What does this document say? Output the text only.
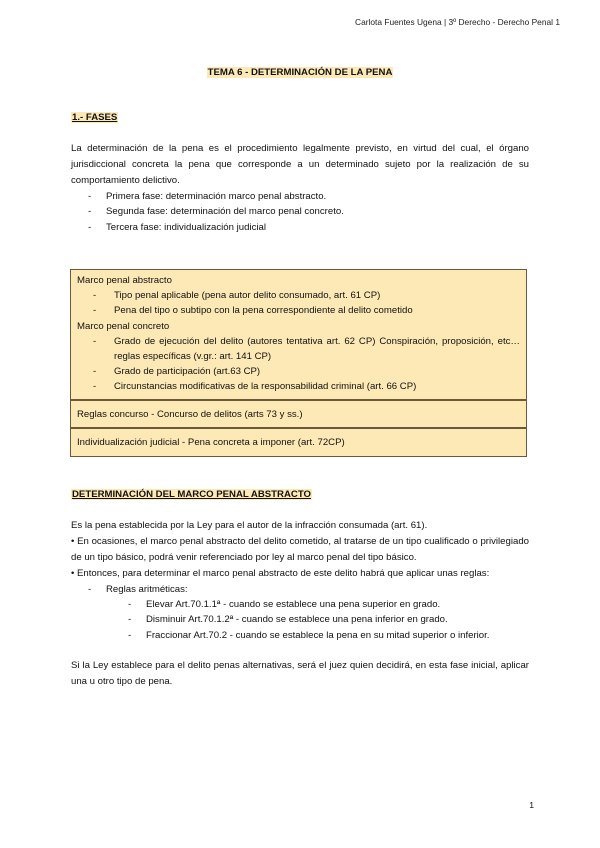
Carlota Fuentes Ugena | 3º Derecho - Derecho Penal 1
TEMA 6 - DETERMINACIÓN DE LA PENA
1.- FASES
La determinación de la pena es el procedimiento legalmente previsto, en virtud del cual, el órgano jurisdiccional concreta la pena que corresponde a un determinado sujeto por la realización de su comportamiento delictivo.
- Primera fase: determinación marco penal abstracto.
- Segunda fase: determinación del marco penal concreto.
- Tercera fase: individualización judicial
Marco penal abstracto
- Tipo penal aplicable (pena autor delito consumado, art. 61 CP)
- Pena del tipo o subtipo con la pena correspondiente al delito cometido
Marco penal concreto
- Grado de ejecución del delito (autores tentativa art. 62 CP) Conspiración, proposición, etc… reglas específicas (v.gr.: art. 141 CP)
- Grado de participación (art.63 CP)
- Circunstancias modificativas de la responsabilidad criminal (art. 66 CP)
Reglas concurso - Concurso de delitos (arts 73 y ss.)
Individualización judicial - Pena concreta a imponer (art. 72CP)
DETERMINACIÓN DEL MARCO PENAL ABSTRACTO
Es la pena establecida por la Ley para el autor de la infracción consumada (art. 61).
• En ocasiones, el marco penal abstracto del delito cometido, al tratarse de un tipo cualificado o privilegiado de un tipo básico, podrá venir referenciado por ley al marco penal del tipo básico.
• Entonces, para determinar el marco penal abstracto de este delito habrá que aplicar unas reglas:
- Reglas aritméticas:
- Elevar Art.70.1.1ª - cuando se establece una pena superior en grado.
- Disminuir Art.70.1.2ª - cuando se establece una pena inferior en grado.
- Fraccionar Art.70.2 - cuando se establece la pena en su mitad superior o inferior.
Si la Ley establece para el delito penas alternativas, será el juez quien decidirá, en esta fase inicial, aplicar una u otro tipo de pena.
1
